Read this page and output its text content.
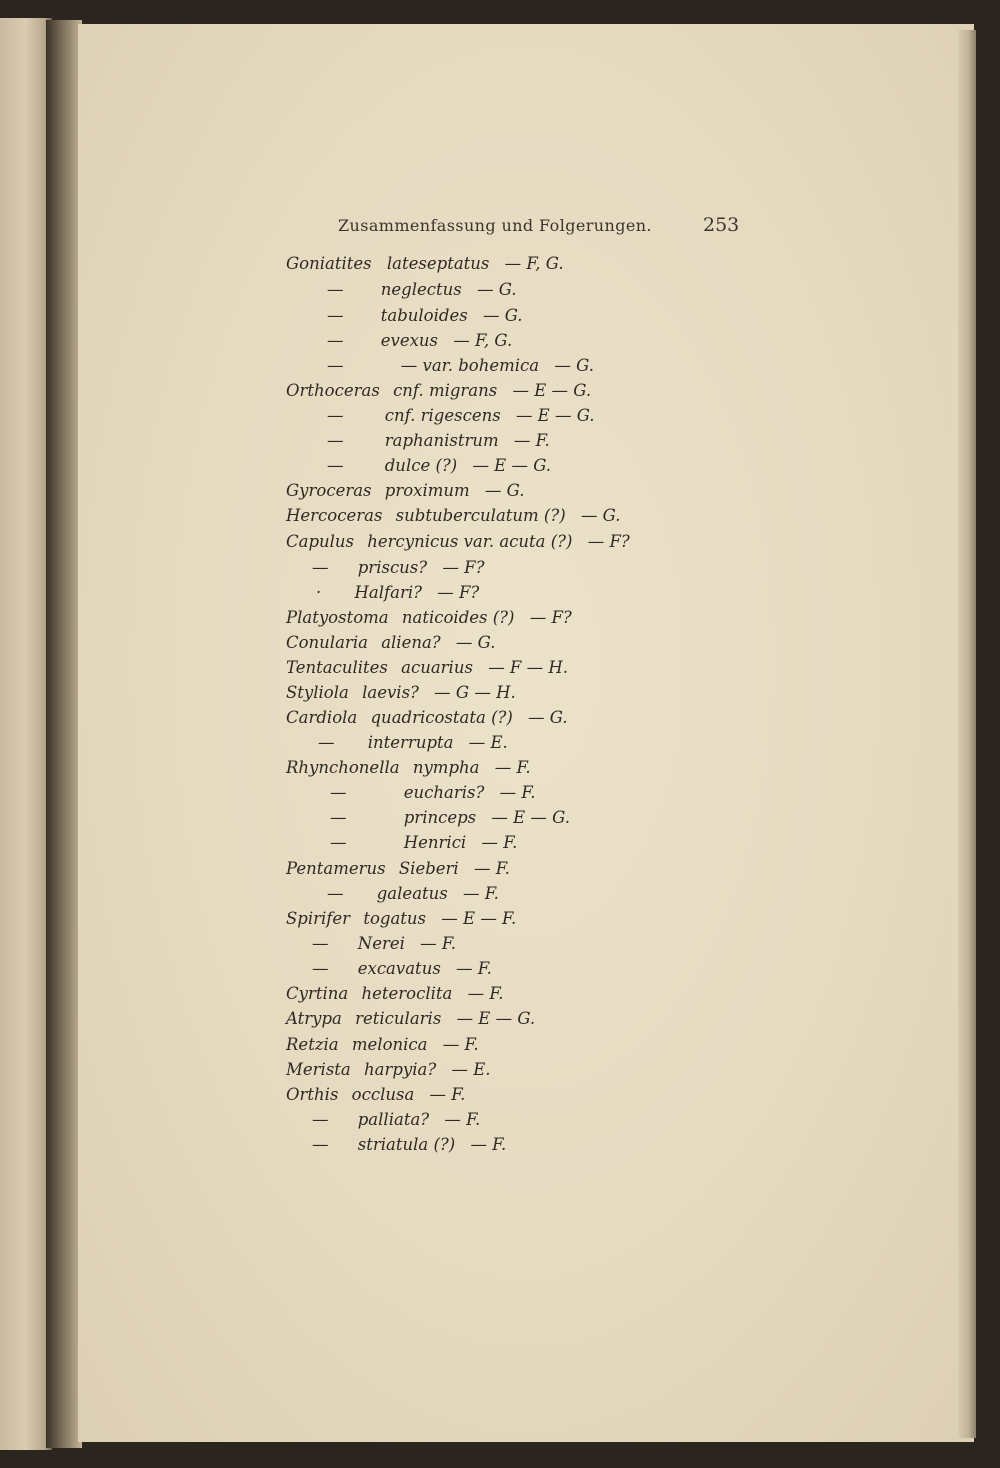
Zusammenfassung und Folgerungen.	253
Goniatites lateseptatus — F, G.
— neglectus — G.
— tabuloides — G.
— evexus — F, G.
—	— var. bohemica — G.
Orthoceras cnf. migrans — E — G.
—	cnf. rigescens — E — G.
—	raphanistrum — F.
—	dulce (?) — E — G.
Gyroceras proximum — G.
Hercoceras subtuberculatum (?) — G.
Capulus hercynicus var. acuta (?) — F?
— priscus? — F?
· Halfari? — F?
Platyostoma naticoides (?) — F?
Conularia aliena? — G.
Tentaculites acuarius — F — H.
Styliola laevis? — G — H.
Cardiola quadricostata (?) — G.
— interrupta — E.
Rhynchonella nympha — F.
—	eucharis? — F.
—	princeps — E — G.
—	Henrici — F.
Pentamerus Sieberi — F.
— galeatus — F.
Spirifer togatus — E — F.
— Nerei — F.
— excavatus — F.
Cyrtina heteroclita — F.
Atrypa reticularis — E — G.
Retzia melonica — F.
Merista harpyia? — E.
Orthis occlusa — F.
— palliata? — F.
— striatula (?) — F.
